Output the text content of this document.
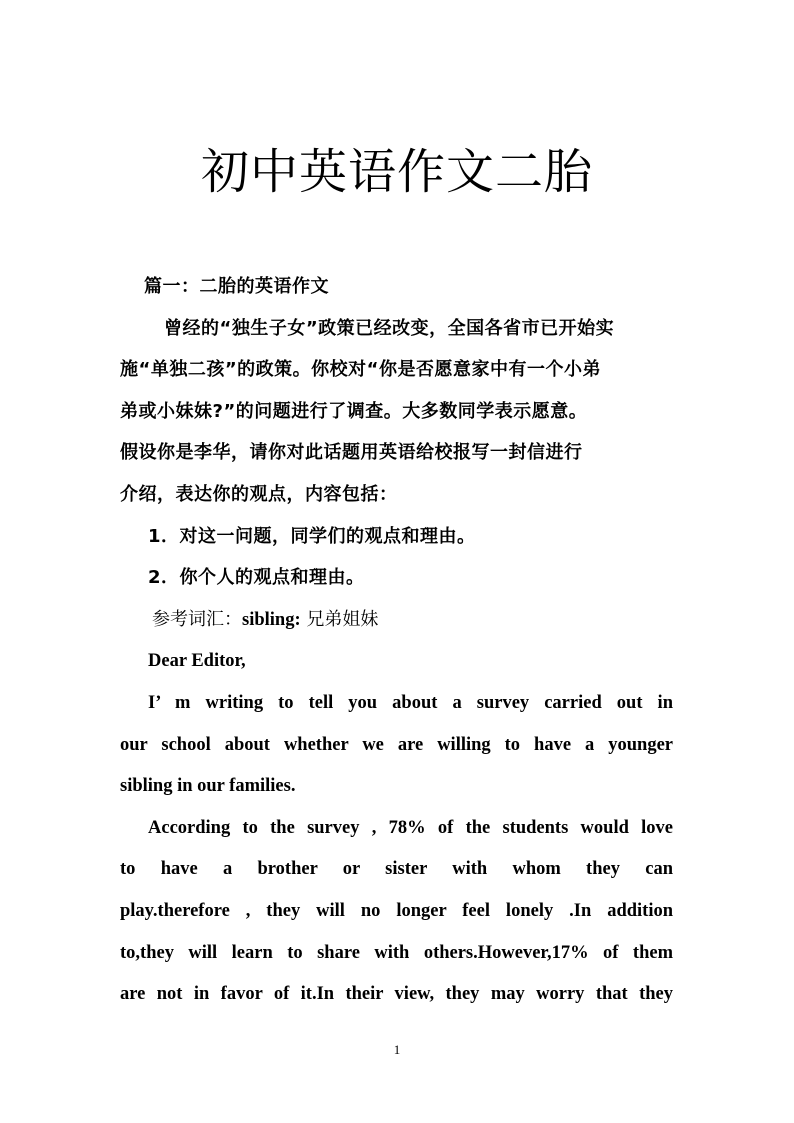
初中英语作文二胎
篇一：二胎的英语作文
曾经的“独生子女”政策已经改变，全国各省市已开始实
施“单独二孩”的政策。你校对“你是否愿意家中有一个小弟
弟或小妹妹?”的问题进行了调查。大多数同学表示愿意。
假设你是李华，请你对此话题用英语给校报写一封信进行
介绍，表达你的观点，内容包括：
1．对这一问题，同学们的观点和理由。
2．你个人的观点和理由。
参考词汇：sibling: 兄弟姐妹
Dear Editor,
I’ m writing to tell you about a survey carried out in
our school about whether we are willing to have a younger
sibling in our families.
According to the survey , 78% of the students would love
to have a brother or sister with whom they can
play.therefore , they will no longer feel lonely .In addition
to,they will learn to share with others.However,17% of them
are not in favor of it.In their view, they may worry that they
1
